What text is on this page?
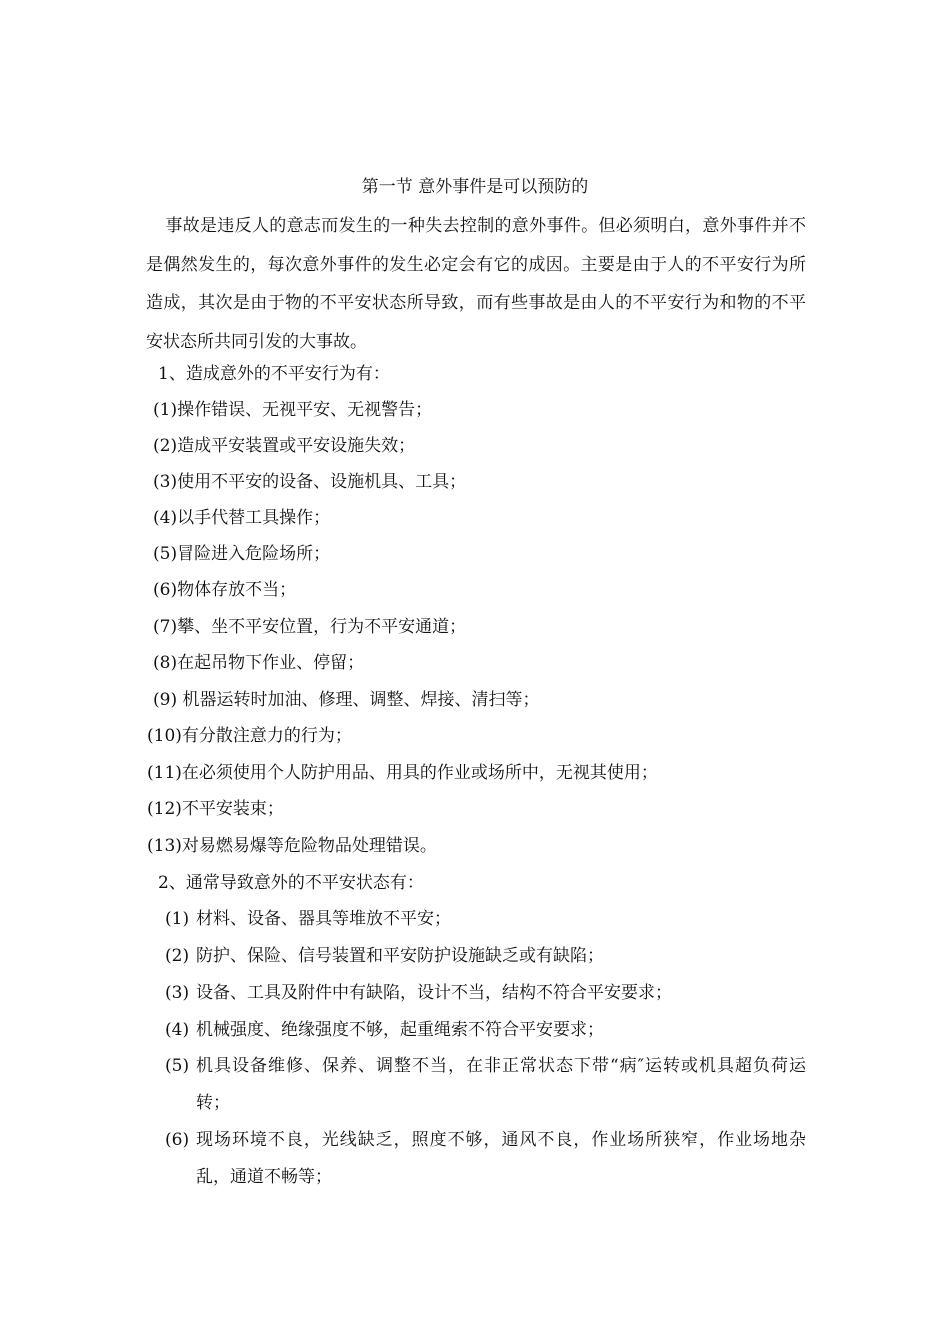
第一节 意外事件是可以预防的
事故是违反人的意志而发生的一种失去控制的意外事件。但必须明白，意外事件并不是偶然发生的，每次意外事件的发生必定会有它的成因。主要是由于人的不平安行为所造成，其次是由于物的不平安状态所导致，而有些事故是由人的不平安行为和物的不平安状态所共同引发的大事故。
1、造成意外的不平安行为有：
(1)操作错误、无视平安、无视警告；
(2)造成平安装置或平安设施失效；
(3)使用不平安的设备、设施机具、工具；
(4)以手代替工具操作；
(5)冒险进入危险场所；
(6)物体存放不当；
(7)攀、坐不平安位置，行为不平安通道；
(8)在起吊物下作业、停留；
(9) 机器运转时加油、修理、调整、焊接、清扫等；
(10)有分散注意力的行为；
(11)在必须使用个人防护用品、用具的作业或场所中，无视其使用；
(12)不平安装束；
(13)对易燃易爆等危险物品处理错误。
2、通常导致意外的不平安状态有：
(1) 材料、设备、器具等堆放不平安；
(2) 防护、保险、信号装置和平安防护设施缺乏或有缺陷；
(3) 设备、工具及附件中有缺陷，设计不当，结构不符合平安要求；
(4) 机械强度、绝缘强度不够，起重绳索不符合平安要求；
(5) 机具设备维修、保养、调整不当，在非正常状态下带“病″运转或机具超负荷运转；
(6) 现场环境不良，光线缺乏，照度不够，通风不良，作业场所狭窄，作业场地杂乱，通道不畅等；
